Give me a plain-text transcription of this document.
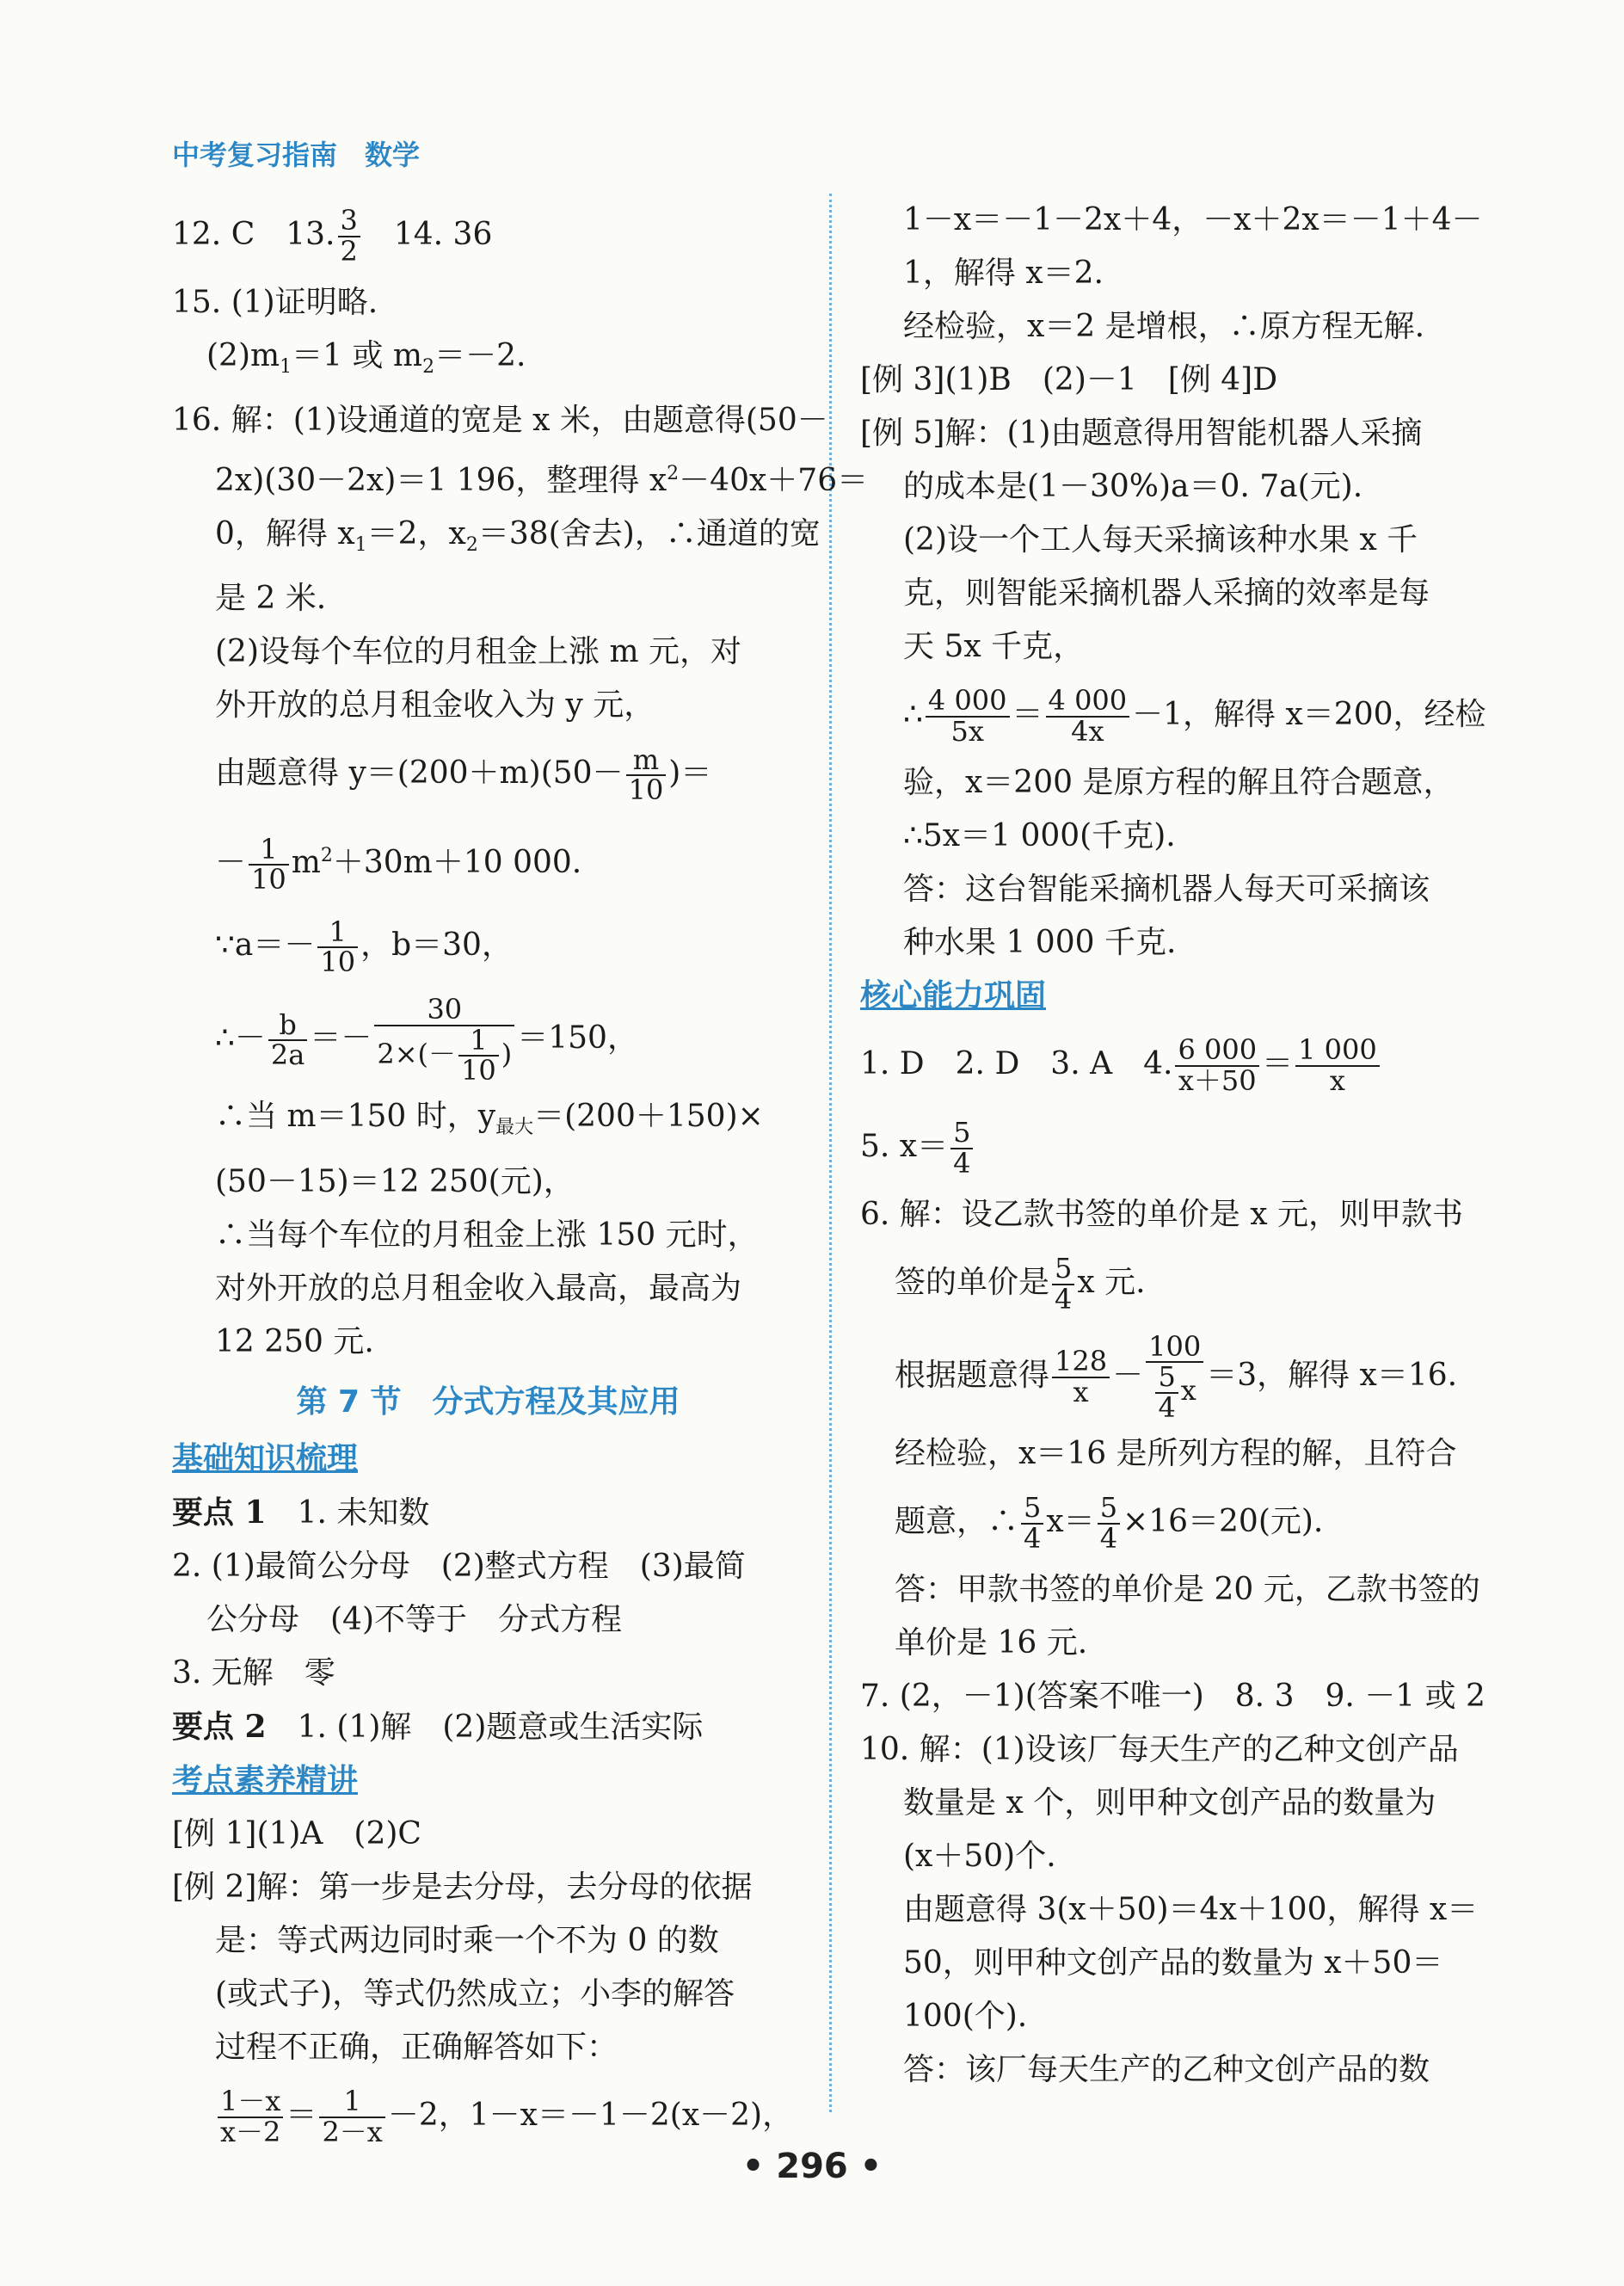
中考复习指南　数学
12. C　13. $\frac{3}{2}$ 　14. 36
15. (1)证明略.
$(2)m_1=1$ 或 $m_2=-2$.
16. 解：(1)设通道的宽是 x 米，由题意得(50－
2x)(30－2x)＝1 196，整理得 $x^2-40x+76=$
0，解得 $x_1=2$，$x_2=38$(舍去)，∴通道的宽
是 2 米.
(2)设每个车位的月租金上涨 m 元，对
外开放的总月租金收入为 y 元，
由题意得 $y=(200+m)(50- \frac{m}{10}$ )＝
－ $\frac{1}{10} m^2+30m+10$ 000.
∵a＝－ $\frac{1}{10}$ ，b＝30，
∴－ $\frac{b}{2a} =- \frac{30}{2\times(- \frac{1}{10} )} =150$，
∴当 m＝150 时，$y_{最大}=(200+150)\times$
(50－15)＝12 250(元)，
∴当每个车位的月租金上涨 150 元时，
对外开放的总月租金收入最高，最高为
12 250 元.
第 7 节　分式方程及其应用
基础知识梳理
要点 1　1. 未知数
2. (1)最简公分母　(2)整式方程　(3)最简
公分母　(4)不等于　分式方程
3. 无解　零
要点 2　1. (1)解　(2)题意或生活实际
考点素养精讲
[例 1](1)A　(2)C
[例 2]解：第一步是去分母，去分母的依据
是：等式两边同时乘一个不为 0 的数
(或式子)，等式仍然成立；小李的解答
过程不正确，正确解答如下：
$\frac{1-x}{x-2} = \frac{1}{2-x} -2$，1－x＝－1－2(x－2)，
1－x＝－1－2x＋4，－x＋2x＝－1＋4－
1，解得 x＝2.
经检验，x＝2 是增根，∴原方程无解.
[例 3](1)B　(2)－1　[例 4]D
[例 5]解：(1)由题意得用智能机器人采摘
的成本是(1－30%)a＝0. 7a(元).
(2)设一个工人每天采摘该种水果 x 千
克，则智能采摘机器人采摘的效率是每
天 5x 千克，
∴ $\frac{4 000}{5x} = \frac{4 000}{4x} -1$，解得 x＝200，经检
验，x＝200 是原方程的解且符合题意，
∴5x＝1 000(千克).
答：这台智能采摘机器人每天可采摘该
种水果 1 000 千克.
核心能力巩固
1. D　2. D　3. A　4. $\frac{6 000}{x+50} = \frac{1 000}{x}$
5. $x= \frac{5}{4}$
6. 解：设乙款书签的单价是 x 元，则甲款书
签的单价是 $\frac{5}{4}$ x 元.
根据题意得 $\frac{128}{x} - \frac{100}{\frac{5}{4} x} =3$，解得 x＝16.
经检验，x＝16 是所列方程的解，且符合
题意，∴ $\frac{5}{4} x= \frac{5}{4} \times 16=20$(元).
答：甲款书签的单价是 20 元，乙款书签的
单价是 16 元.
7. (2，－1)(答案不唯一)　8. 3　9. －1 或 2
10. 解：(1)设该厂每天生产的乙种文创产品
数量是 x 个，则甲种文创产品的数量为
(x＋50)个.
由题意得 3(x＋50)＝4x＋100，解得 x＝
50，则甲种文创产品的数量为 x＋50＝
100(个).
答：该厂每天生产的乙种文创产品的数
• 296 •
